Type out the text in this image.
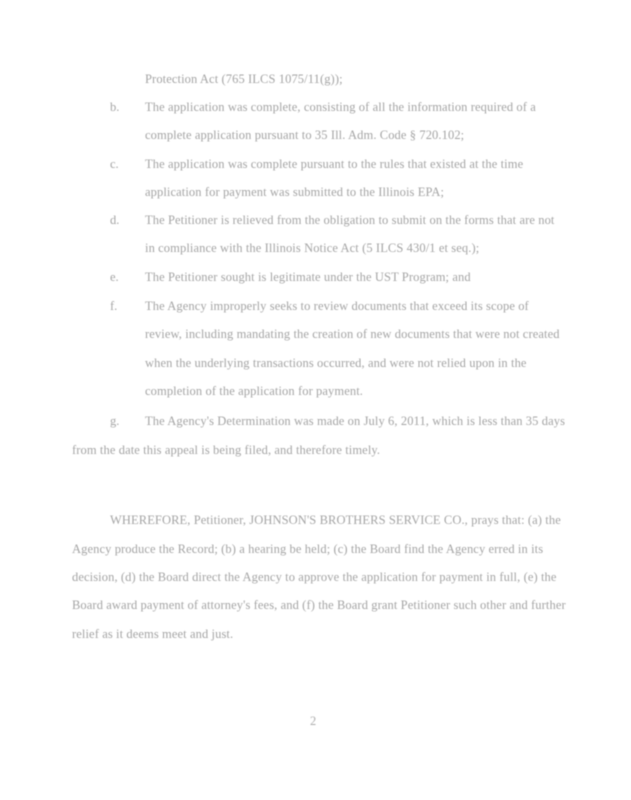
Protection Act (765 ILCS 1075/11(g));
b. The application was complete, consisting of all the information required of a
complete application pursuant to 35 Ill. Adm. Code § 720.102;
c. The application was complete pursuant to the rules that existed at the time
application for payment was submitted to the Illinois EPA;
d. The Petitioner is relieved from the obligation to submit on the forms that are not
in compliance with the Illinois Notice Act (5 ILCS 430/1 et seq.);
e. The Petitioner sought is legitimate under the UST Program; and
f. The Agency improperly seeks to review documents that exceed its scope of
review, including mandating the creation of new documents that were not created
when the underlying transactions occurred, and were not relied upon in the
completion of the application for payment.
g. The Agency's Determination was made on July 6, 2011, which is less than 35 days
from the date this appeal is being filed, and therefore timely.
WHEREFORE, Petitioner, JOHNSON'S BROTHERS SERVICE CO., prays that: (a) the
Agency produce the Record; (b) a hearing be held; (c) the Board find the Agency erred in its
decision, (d) the Board direct the Agency to approve the application for payment in full, (e) the
Board award payment of attorney's fees, and (f) the Board grant Petitioner such other and further
relief as it deems meet and just.
2
